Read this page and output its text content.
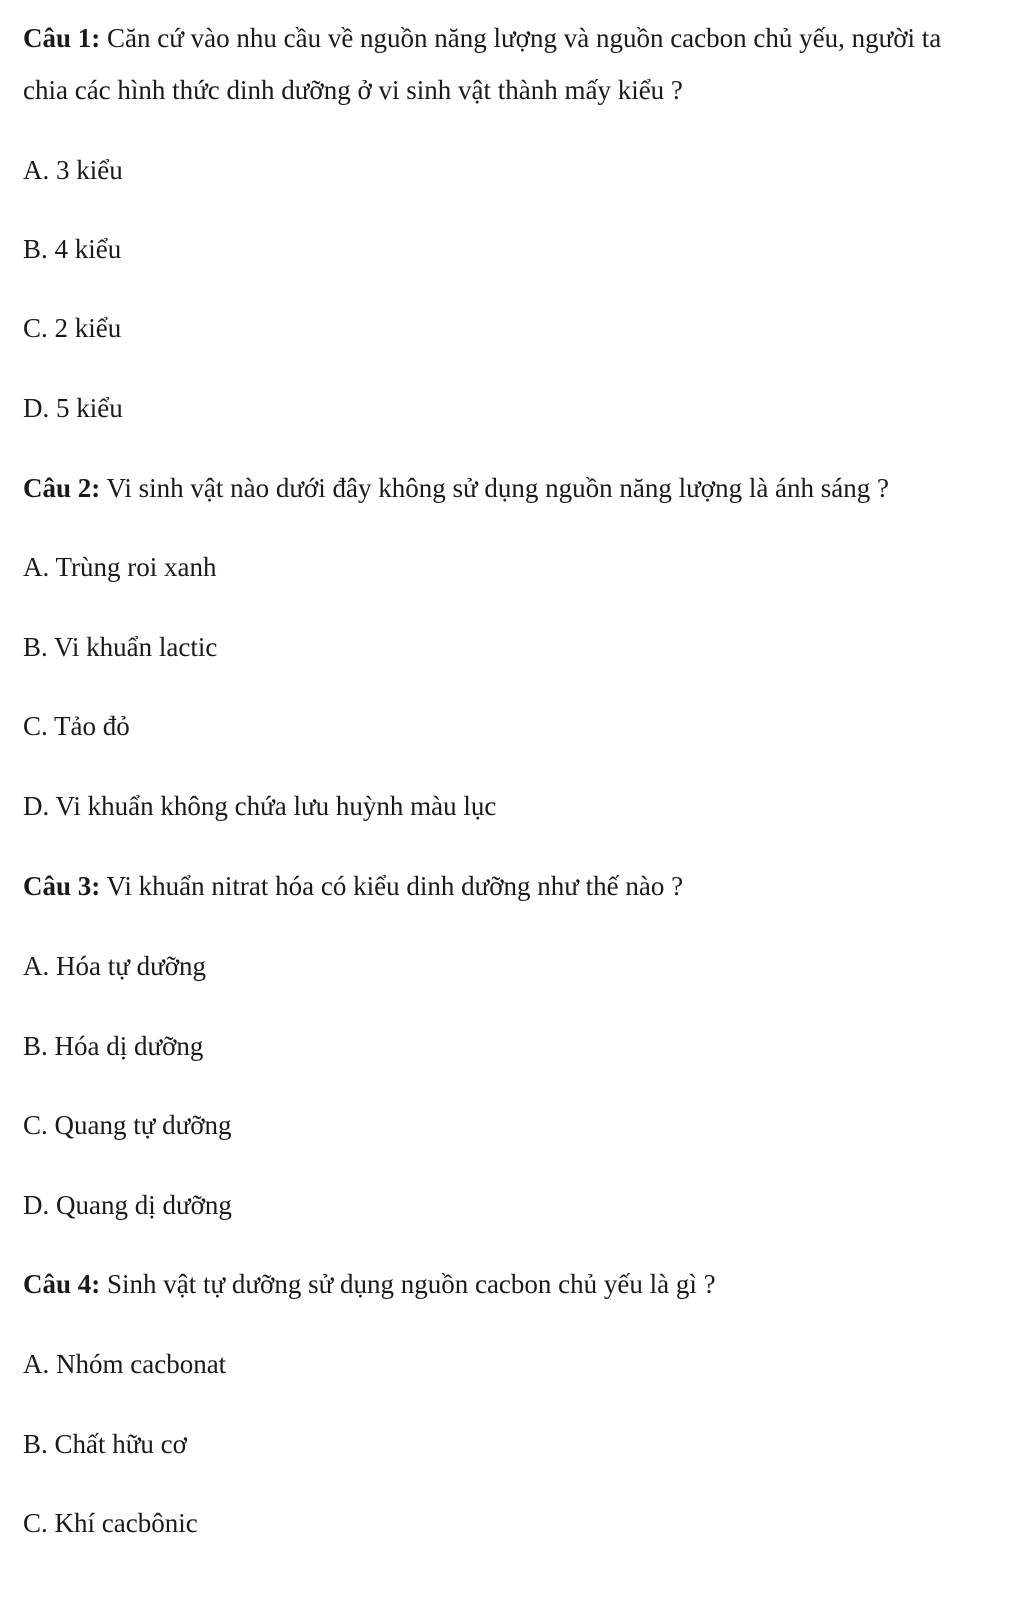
Câu 1: Căn cứ vào nhu cầu về nguồn năng lượng và nguồn cacbon chủ yếu, người ta
chia các hình thức dinh dưỡng ở vi sinh vật thành mấy kiểu ?
A. 3 kiểu
B. 4 kiểu
C. 2 kiểu
D. 5 kiểu
Câu 2: Vi sinh vật nào dưới đây không sử dụng nguồn năng lượng là ánh sáng ?
A. Trùng roi xanh
B. Vi khuẩn lactic
C. Tảo đỏ
D. Vi khuẩn không chứa lưu huỳnh màu lục
Câu 3: Vi khuẩn nitrat hóa có kiểu dinh dưỡng như thế nào ?
A. Hóa tự dưỡng
B. Hóa dị dưỡng
C. Quang tự dưỡng
D. Quang dị dưỡng
Câu 4: Sinh vật tự dưỡng sử dụng nguồn cacbon chủ yếu là gì ?
A. Nhóm cacbonat
B. Chất hữu cơ
C. Khí cacbônic
